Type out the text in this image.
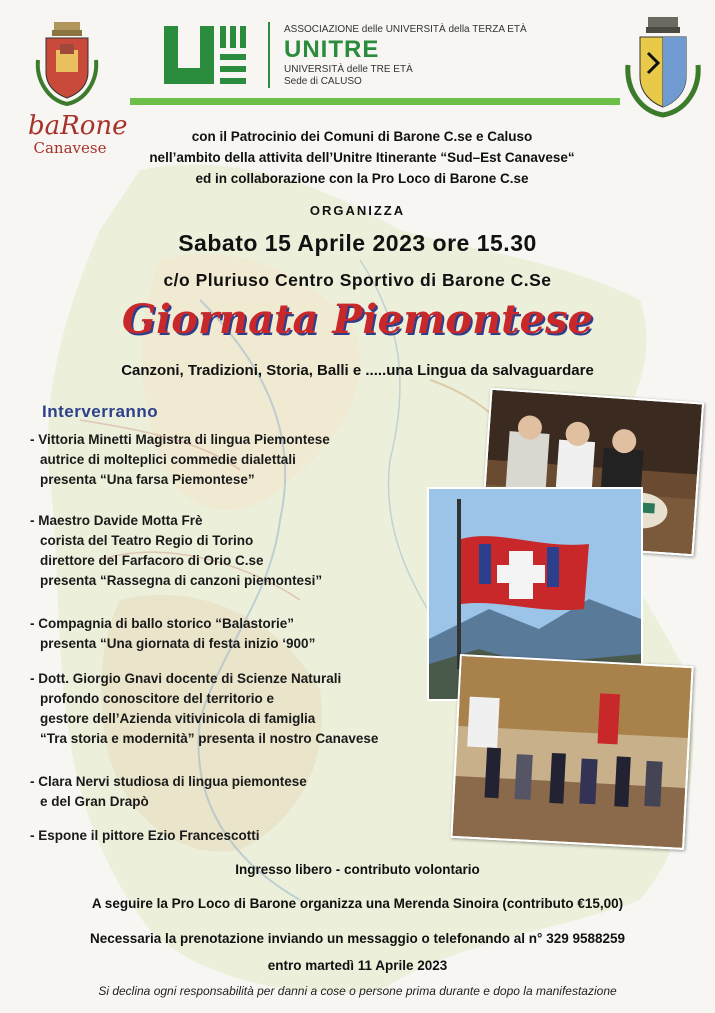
baRone
Canavese
ASSOCIAZIONE delle UNIVERSITÀ della TERZA ETÀ
UNITRE
UNIVERSITÀ delle TRE ETÀ
Sede di CALUSO
con il Patrocinio dei Comuni di Barone C.se e Caluso
nell’ambito della attivita dell’Unitre Itinerante “Sud–Est Canavese“
ed in collaborazione con la Pro Loco di Barone C.se
ORGANIZZA
Sabato 15 Aprile 2023 ore 15.30
c/o Pluriuso Centro Sportivo di Barone C.Se
Giornata Piemontese
Canzoni, Tradizioni, Storia, Balli e .....una Lingua da salvaguardare
Interverranno
- Vittoria Minetti Magistra di lingua Piemontese
autrice di molteplici commedie dialettali
presenta “Una farsa Piemontese”
- Maestro Davide Motta Frè
corista del Teatro Regio di Torino
direttore del Farfacoro di Orio C.se
presenta “Rassegna di canzoni piemontesi”
- Compagnia di ballo storico “Balastorie”
presenta “Una giornata di festa inizio ‘900”
- Dott. Giorgio Gnavi docente di Scienze Naturali
profondo conoscitore del territorio e
gestore dell’Azienda vitivinicola di famiglia
“Tra storia e modernità” presenta il nostro Canavese
- Clara Nervi studiosa di lingua piemontese
e del Gran Drapò
- Espone il pittore Ezio Francescotti
Ingresso libero - contributo volontario
A seguire la Pro Loco di Barone organizza una Merenda Sinoira (contributo €15,00)
Necessaria la prenotazione inviando un messaggio o telefonando al n° 329 9588259
entro martedì 11 Aprile 2023
Si declina ogni responsabilità per danni a cose o persone prima durante e dopo la manifestazione
